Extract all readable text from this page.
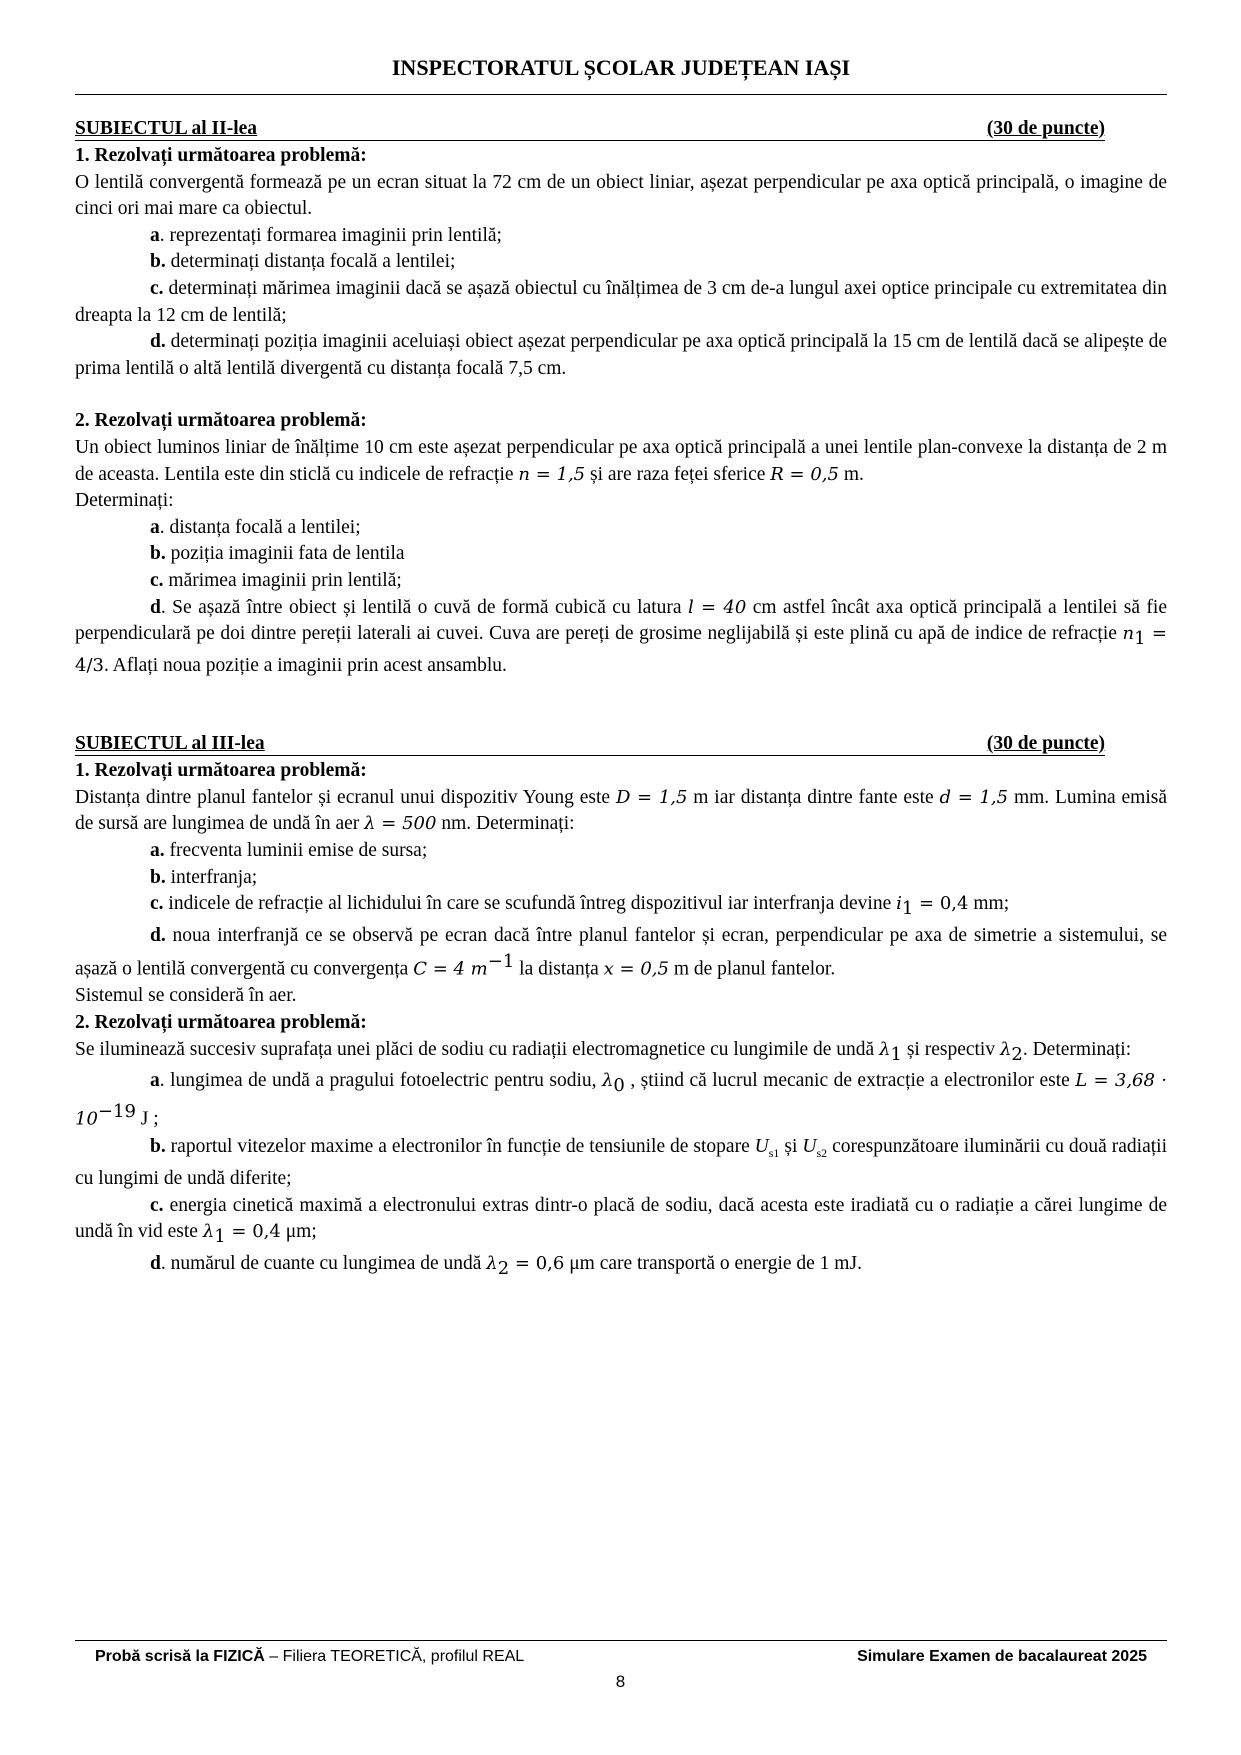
INSPECTORATUL ȘCOLAR JUDEȚEAN IAȘI
SUBIECTUL al II-lea	(30 de puncte)
1. Rezolvați următoarea problemă:

O lentilă convergentă formează pe un ecran situat la 72 cm de un obiect liniar, așezat perpendicular pe axa optică principală, o imagine de cinci ori mai mare ca obiectul.

a. reprezentați formarea imaginii prin lentilă;
b. determinați distanța focală a lentilei;
c. determinați mărimea imaginii dacă se așază obiectul cu înălțimea de 3 cm de-a lungul axei optice principale cu extremitatea din dreapta la 12 cm de lentilă;
d. determinați poziția imaginii aceluiași obiect așezat perpendicular pe axa optică principală la 15 cm de lentilă dacă se alipește de prima lentilă o altă lentilă divergentă cu distanța focală 7,5 cm.
2. Rezolvați următoarea problemă:

Un obiect luminos liniar de înălțime 10 cm este așezat perpendicular pe axa optică principală a unei lentile plan-convexe la distanța de 2 m de aceasta. Lentila este din sticlă cu indicele de refracție n = 1,5 și are raza feței sferice R = 0,5 m.

Determinați:

a. distanța focală a lentilei;
b. poziția imaginii fata de lentila
c. mărimea imaginii prin lentilă;
d. Se așază între obiect și lentilă o cuvă de formă cubică cu latura l = 40 cm astfel încât axa optică principală a lentilei să fie perpendiculară pe doi dintre pereții laterali ai cuvei. Cuva are pereți de grosime neglijabilă și este plină cu apă de indice de refracție $n_1 = 4/3$. Aflați noua poziție a imaginii prin acest ansamblu.
SUBIECTUL al III-lea	(30 de puncte)
1. Rezolvați următoarea problemă:

Distanța dintre planul fantelor și ecranul unui dispozitiv Young este D = 1,5 m iar distanța dintre fante este d = 1,5 mm. Lumina emisă de sursă are lungimea de undă în aer λ = 500 nm. Determinați:

a. frecventa luminii emise de sursa;
b. interfranja;
c. indicele de refracție al lichidului în care se scufundă întreg dispozitivul iar interfranja devine $i_1 = 0,4$ mm;
d. noua interfranjă ce se observă pe ecran dacă între planul fantelor și ecran, perpendicular pe axa de simetrie a sistemului, se așază o lentilă convergentă cu convergența C = 4 $m^{-1}$ la distanța x = 0,5 m de planul fantelor.

Sistemul se consideră în aer.

2. Rezolvați următoarea problemă:

Se iluminează succesiv suprafața unei plăci de sodiu cu radiații electromagnetice cu lungimile de undă $\lambda_1$ și respectiv $\lambda_2$. Determinați:

a. lungimea de undă a pragului fotoelectric pentru sodiu, $\lambda_0$ , știind că lucrul mecanic de extracție a electronilor este $L = 3,68 \cdot 10^{-19}$ J ;
b. raportul vitezelor maxime a electronilor în funcție de tensiunile de stopare $U_{s1}$ și $U_{s2}$ corespunzătoare iluminării cu două radiații cu lungimi de undă diferite;
c. energia cinetică maximă a electronului extras dintr-o placă de sodiu, dacă acesta este iradiată cu o radiație a cărei lungime de undă în vid este $\lambda_1 = 0,4$ μm;
d. numărul de cuante cu lungimea de undă $\lambda_2 = 0,6$ μm care transportă o energie de 1 mJ.
Probă scrisă la FIZICĂ – Filiera TEORETICĂ, profilul REAL	Simulare Examen de bacalaureat 2025
8
